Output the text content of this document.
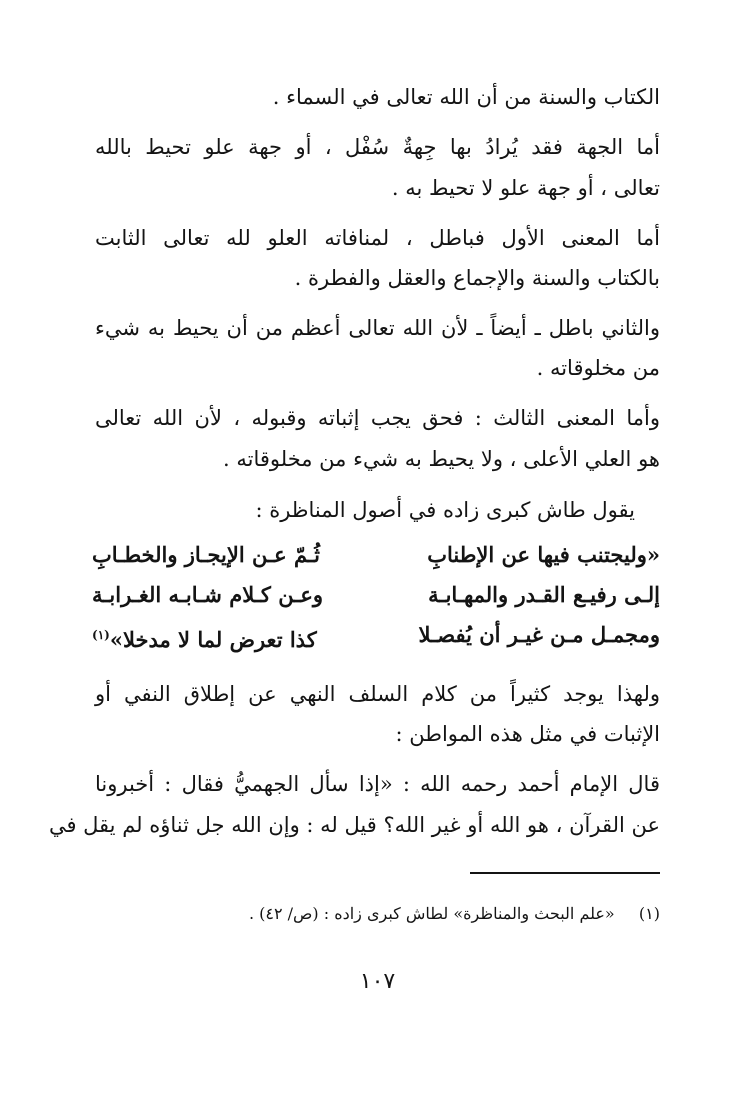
الكتاب والسنة من أن الله تعالى في السماء .
أما الجهة فقد يُرادُ بها جِهةٌ سُفْل ، أو جهة علو تحيط بالله
تعالى ، أو جهة علو لا تحيط به .
أما المعنى الأول فباطل ، لمنافاته العلو لله تعالى الثابت
بالكتاب والسنة والإجماع والعقل والفطرة .
والثاني باطل ـ أيضاً ـ لأن الله تعالى أعظم من أن يحيط به شيء
من مخلوقاته .
وأما المعنى الثالث : فحق يجب إثباته وقبوله ، لأن الله تعالى
هو العلي الأعلى ، ولا يحيط به شيء من مخلوقاته .
يقول طاش كبرى زاده في أصول المناظرة :
«وليجتنب فيها عن الإطنابِ
ثُـمّ عـن الإيجـاز والخطـابِ
إلـى رفيـع القـدر والمهـابـة
وعـن كـلام شـابـه الغـرابـة
ومجمـل مـن غيـر أن يُفصـلا
كذا تعرض لما لا مدخلا»$^{(١)}$
ولهذا يوجد كثيراً من كلام السلف النهي عن إطلاق النفي أو
الإثبات في مثل هذه المواطن :
قال الإمام أحمد رحمه الله : «إذا سأل الجهميُّ فقال : أخبرونا
عن القرآن ، هو الله أو غير الله؟ قيل له : وإن الله جل ثناؤه لم يقل في
(١)  «علم البحث والمناظرة» لطاش كبرى زاده : (ص/ ٤٢) .
١٠٧
